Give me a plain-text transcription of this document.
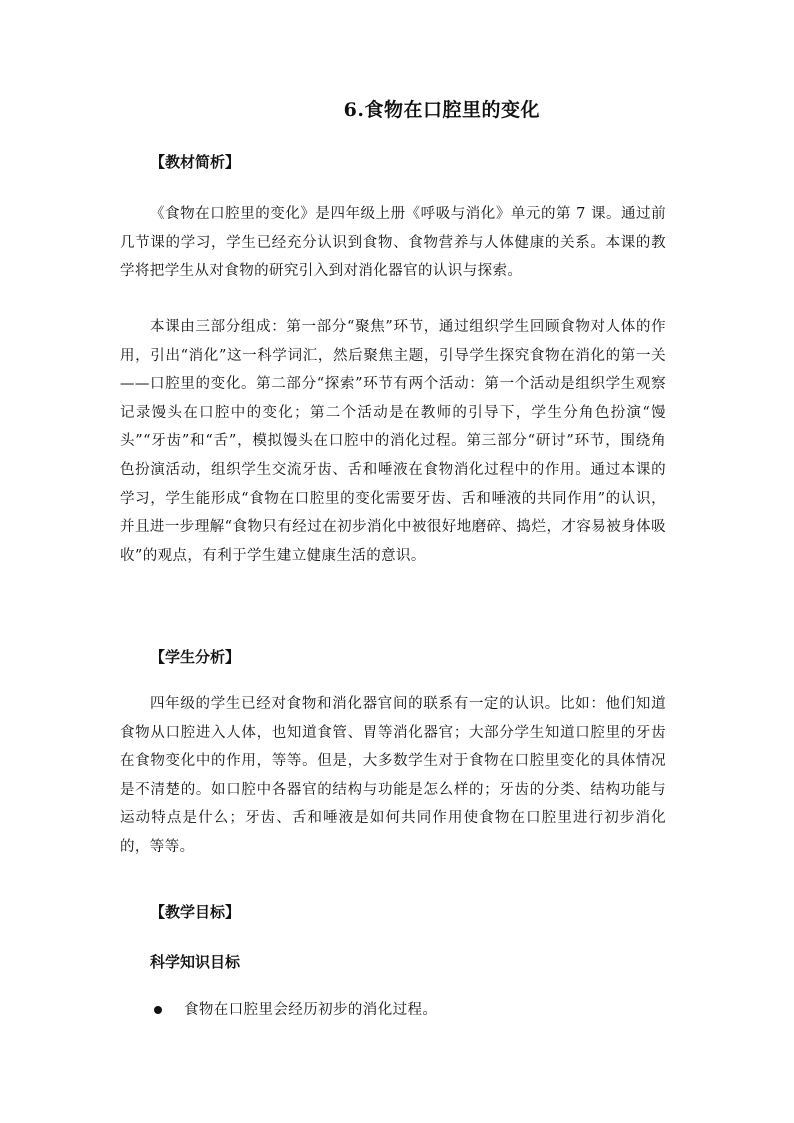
6.食物在口腔里的变化
【教材简析】
《食物在口腔里的变化》是四年级上册《呼吸与消化》单元的第 7 课。通过前几节课的学习，学生已经充分认识到食物、食物营养与人体健康的关系。本课的教学将把学生从对食物的研究引入到对消化器官的认识与探索。
本课由三部分组成：第一部分“聚焦”环节，通过组织学生回顾食物对人体的作用，引出“消化”这一科学词汇，然后聚焦主题，引导学生探究食物在消化的第一关——口腔里的变化。第二部分“探索”环节有两个活动：第一个活动是组织学生观察记录馒头在口腔中的变化；第二个活动是在教师的引导下，学生分角色扮演“馒头”“牙齿”和“舌”，模拟馒头在口腔中的消化过程。第三部分“研讨”环节，围绕角色扮演活动，组织学生交流牙齿、舌和唾液在食物消化过程中的作用。通过本课的学习，学生能形成“食物在口腔里的变化需要牙齿、舌和唾液的共同作用”的认识，并且进一步理解“食物只有经过在初步消化中被很好地磨碎、捣烂，才容易被身体吸收”的观点，有利于学生建立健康生活的意识。
【学生分析】
四年级的学生已经对食物和消化器官间的联系有一定的认识。比如：他们知道食物从口腔进入人体，也知道食管、胃等消化器官；大部分学生知道口腔里的牙齿在食物变化中的作用，等等。但是，大多数学生对于食物在口腔里变化的具体情况是不清楚的。如口腔中各器官的结构与功能是怎么样的；牙齿的分类、结构功能与运动特点是什么；牙齿、舌和唾液是如何共同作用使食物在口腔里进行初步消化的，等等。
【教学目标】
科学知识目标
食物在口腔里会经历初步的消化过程。
